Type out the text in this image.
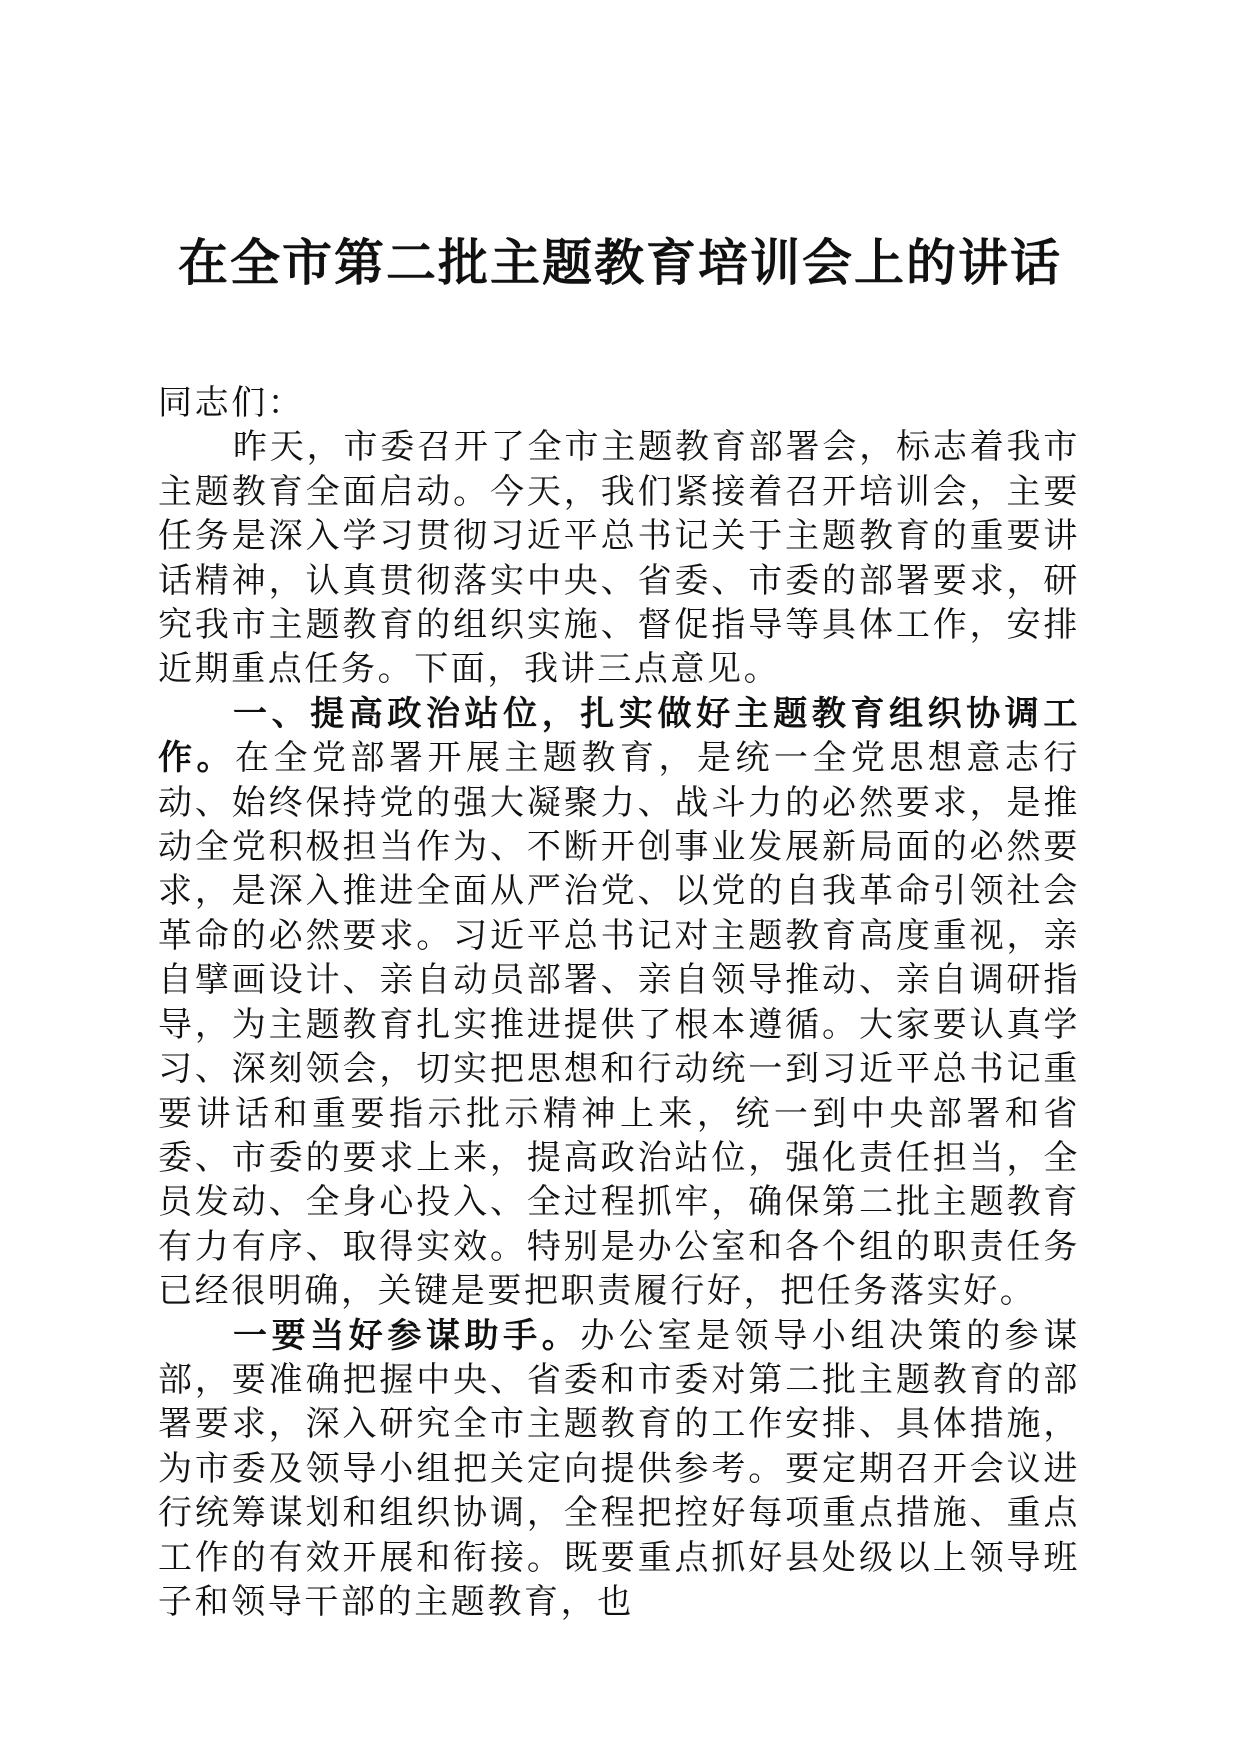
在全市第二批主题教育培训会上的讲话

同志们：

昨天，市委召开了全市主题教育部署会，标志着我市主题教育全面启动。今天，我们紧接着召开培训会，主要任务是深入学习贯彻习近平总书记关于主题教育的重要讲话精神，认真贯彻落实中央、省委、市委的部署要求，研究我市主题教育的组织实施、督促指导等具体工作，安排近期重点任务。下面，我讲三点意见。

一、提高政治站位，扎实做好主题教育组织协调工作。在全党部署开展主题教育，是统一全党思想意志行动、始终保持党的强大凝聚力、战斗力的必然要求，是推动全党积极担当作为、不断开创事业发展新局面的必然要求，是深入推进全面从严治党、以党的自我革命引领社会革命的必然要求。习近平总书记对主题教育高度重视，亲自擘画设计、亲自动员部署、亲自领导推动、亲自调研指导，为主题教育扎实推进提供了根本遵循。大家要认真学习、深刻领会，切实把思想和行动统一到习近平总书记重要讲话和重要指示批示精神上来，统一到中央部署和省委、市委的要求上来，提高政治站位，强化责任担当，全员发动、全身心投入、全过程抓牢，确保第二批主题教育有力有序、取得实效。特别是办公室和各个组的职责任务已经很明确，关键是要把职责履行好，把任务落实好。

一要当好参谋助手。办公室是领导小组决策的参谋部，要准确把握中央、省委和市委对第二批主题教育的部署要求，深入研究全市主题教育的工作安排、具体措施，为市委及领导小组把关定向提供参考。要定期召开会议进行统筹谋划和组织协调，全程把控好每项重点措施、重点工作的有效开展和衔接。既要重点抓好县处级以上领导班子和领导干部的主题教育，也
